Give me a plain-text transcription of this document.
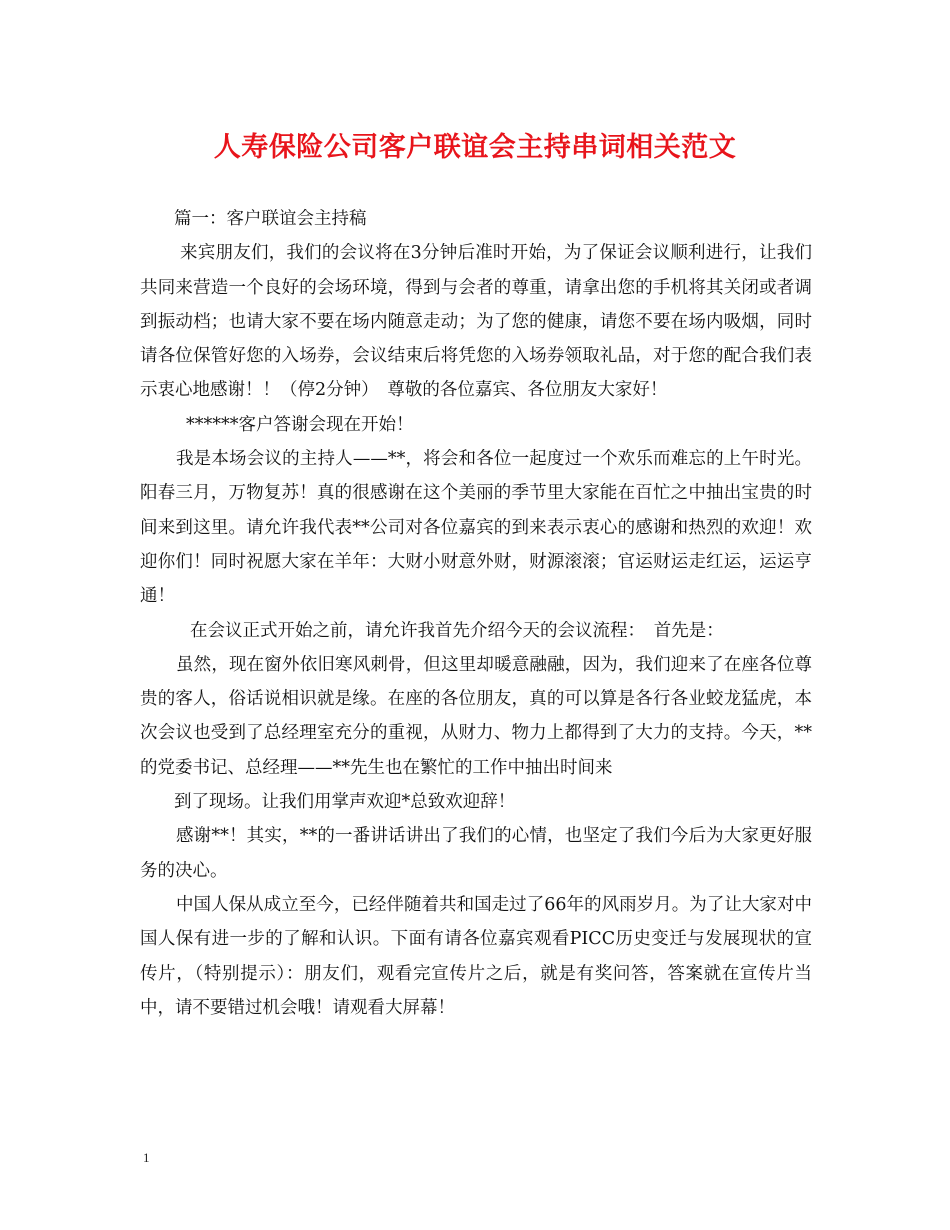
人寿保险公司客户联谊会主持串词相关范文

篇一：客户联谊会主持稿

来宾朋友们，我们的会议将在3分钟后准时开始，为了保证会议顺利进行，让我们共同来营造一个良好的会场环境，得到与会者的尊重，请拿出您的手机将其关闭或者调到振动档；也请大家不要在场内随意走动；为了您的健康，请您不要在场内吸烟，同时请各位保管好您的入场券，会议结束后将凭您的入场券领取礼品，对于您的配合我们表示衷心地感谢！！（停2分钟）　尊敬的各位嘉宾、各位朋友大家好！

******客户答谢会现在开始！

我是本场会议的主持人——**，将会和各位一起度过一个欢乐而难忘的上午时光。阳春三月，万物复苏！真的很感谢在这个美丽的季节里大家能在百忙之中抽出宝贵的时间来到这里。请允许我代表**公司对各位嘉宾的到来表示衷心的感谢和热烈的欢迎！欢迎你们！同时祝愿大家在羊年：大财小财意外财，财源滚滚；官运财运走红运，运运亨通！

在会议正式开始之前，请允许我首先介绍今天的会议流程：　首先是：

虽然，现在窗外依旧寒风刺骨，但这里却暖意融融，因为，我们迎来了在座各位尊贵的客人，俗话说相识就是缘。在座的各位朋友，真的可以算是各行各业蛟龙猛虎，本次会议也受到了总经理室充分的重视，从财力、物力上都得到了大力的支持。今天，**的党委书记、总经理——**先生也在繁忙的工作中抽出时间来

到了现场。让我们用掌声欢迎*总致欢迎辞！

感谢**！其实，**的一番讲话讲出了我们的心情，也坚定了我们今后为大家更好服务的决心。

中国人保从成立至今，已经伴随着共和国走过了66年的风雨岁月。为了让大家对中国人保有进一步的了解和认识。下面有请各位嘉宾观看PICC历史变迁与发展现状的宣传片，（特别提示）：朋友们，观看完宣传片之后，就是有奖问答，答案就在宣传片当中，请不要错过机会哦！请观看大屏幕！

1
